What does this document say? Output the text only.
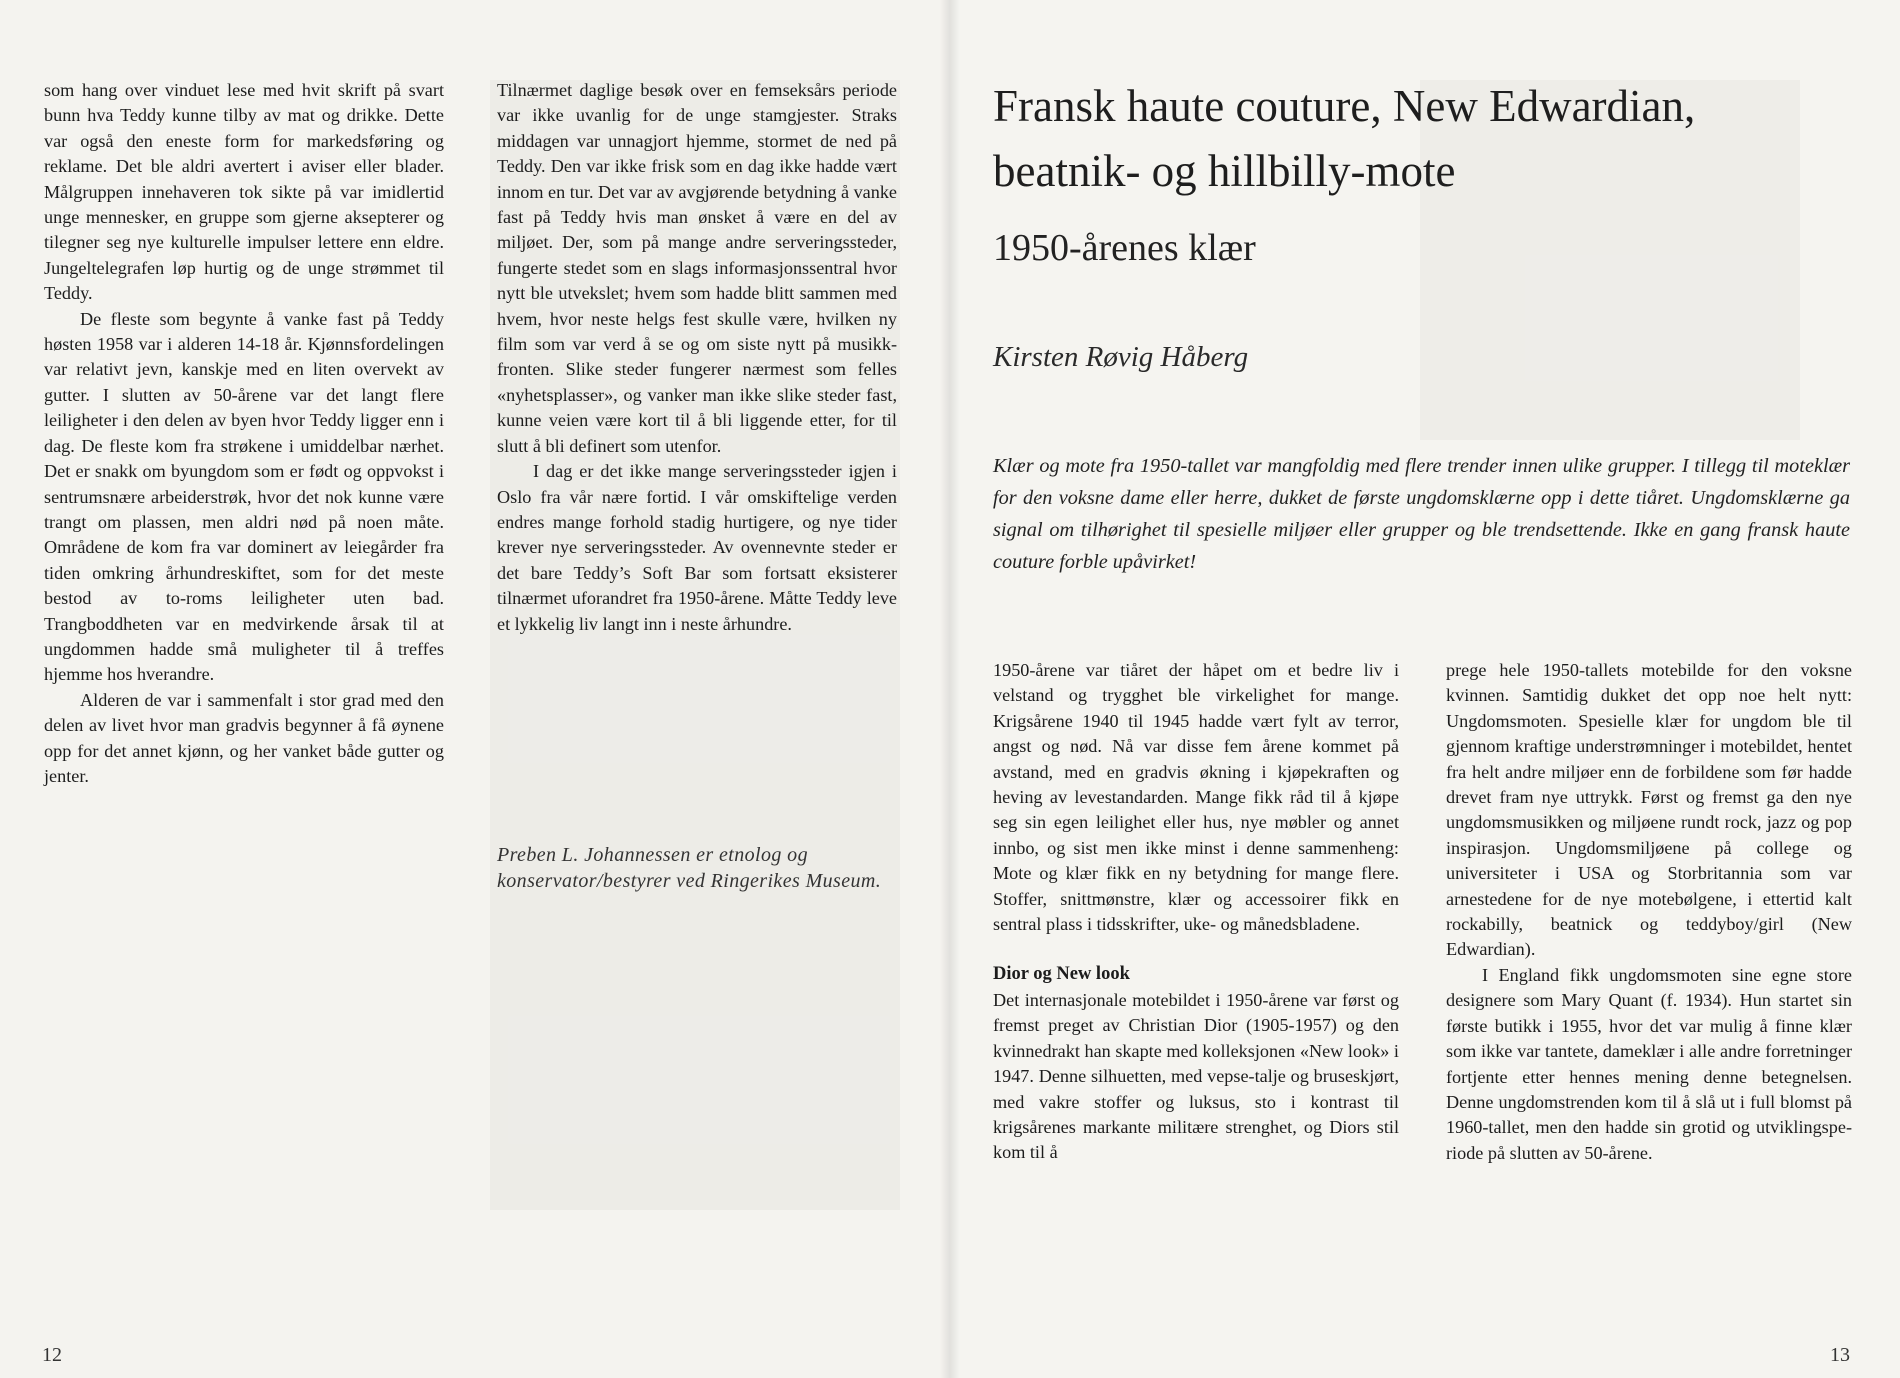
som hang over vinduet lese med hvit skrift på svart bunn hva Teddy kunne tilby av mat og drikke. Dette var også den eneste form for markedsføring og reklame. Det ble aldri avertert i aviser eller blader. Målgruppen innehaveren tok sikte på var imidlertid unge mennesker, en gruppe som gjerne aksepterer og tilegner seg nye kulturelle impulser lettere enn eldre. Jungeltelegrafen løp hurtig og de unge strømmet til Teddy.

De fleste som begynte å vanke fast på Teddy høsten 1958 var i alderen 14-18 år. Kjønnsfordelingen var relativt jevn, kanskje med en liten overvekt av gutter. I slutten av 50-årene var det langt flere leiligheter i den delen av byen hvor Teddy ligger enn i dag. De fleste kom fra strøkene i umiddelbar nærhet. Det er snakk om byungdom som er født og oppvokst i sentrumsnære arbeiderstrøk, hvor det nok kunne være trangt om plassen, men aldri nød på noen måte. Områdene de kom fra var dominert av leiegårder fra tiden omkring århundreskiftet, som for det meste bestod av to-roms leiligheter uten bad. Trangboddheten var en medvirkende årsak til at ungdommen hadde små muligheter til å treffes hjemme hos hverandre.

Alderen de var i sammenfalt i stor grad med den delen av livet hvor man gradvis begynner å få øynene opp for det annet kjønn, og her vanket både gutter og jenter.

Tilnærmet daglige besøk over en femseksårs periode var ikke uvanlig for de unge stamgjester. Straks middagen var unnagjort hjemme, stormet de ned på Teddy. Den var ikke frisk som en dag ikke hadde vært innom en tur. Det var av avgjørende betydning å vanke fast på Teddy hvis man ønsket å være en del av miljøet. Der, som på mange andre serveringssteder, fungerte stedet som en slags informasjonssentral hvor nytt ble utvekslet; hvem som hadde blitt sammen med hvem, hvor neste helgs fest skulle være, hvilken ny film som var verd å se og om siste nytt på musikkfronten. Slike steder fungerer nærmest som felles «nyhetsplasser», og vanker man ikke slike steder fast, kunne veien være kort til å bli liggende etter, for til slutt å bli definert som utenfor.

I dag er det ikke mange serveringssteder igjen i Oslo fra vår nære fortid. I vår omskiftelige verden endres mange forhold stadig hurtigere, og nye tider krever nye serveringssteder. Av ovennevnte steder er det bare Teddy’s Soft Bar som fortsatt eksisterer tilnærmet uforandret fra 1950-årene. Måtte Teddy leve et lykkelig liv langt inn i neste århundre.

Preben L. Johannessen er etnolog og konservator/bestyrer ved Ringerikes Museum.
12	13
Fransk haute couture, New Edwardian,
beatnik- og hillbilly-mote
1950-årenes klær
Kirsten Røvig Håberg
Klær og mote fra 1950-tallet var mangfoldig med flere trender innen ulike grupper. I tillegg til moteklær for den voksne dame eller herre, dukket de første ungdomsklærne opp i dette tiåret. Ungdomsklærne ga signal om tilhørighet til spesielle miljøer eller grupper og ble trendsettende. Ikke en gang fransk haute couture forble upåvirket!

1950-årene var tiåret der håpet om et bedre liv i velstand og trygghet ble virkelighet for mange. Krigsårene 1940 til 1945 hadde vært fylt av terror, angst og nød. Nå var disse fem årene kommet på avstand, med en gradvis økning i kjøpekraften og heving av levestandarden. Mange fikk råd til å kjøpe seg sin egen leilighet eller hus, nye møbler og annet innbo, og sist men ikke minst i denne sammenheng: Mote og klær fikk en ny betydning for mange flere. Stoffer, snittmønstre, klær og accessoirer fikk en sentral plass i tidsskrifter, uke- og månedsbladene.

Dior og New look

Det internasjonale motebildet i 1950-årene var først og fremst preget av Christian Dior (1905-1957) og den kvinnedrakt han skapte med kolleksjonen «New look» i 1947. Denne silhuetten, med vepse-talje og bruseskjørt, med vakre stoffer og luksus, sto i kontrast til krigsårenes markante militære strenghet, og Diors stil kom til å

prege hele 1950-tallets motebilde for den voksne kvinnen. Samtidig dukket det opp noe helt nytt: Ungdomsmoten. Spesielle klær for ungdom ble til gjennom kraftige understrømninger i motebildet, hentet fra helt andre miljøer enn de forbildene som før hadde drevet fram nye uttrykk. Først og fremst ga den nye ungdomsmusikken og miljøene rundt rock, jazz og pop inspirasjon. Ungdomsmiljøene på college og universiteter i USA og Storbritannia som var arnestedene for de nye motebølgene, i ettertid kalt rockabilly, beatnick og teddyboy/girl (New Edwardian).

I England fikk ungdomsmoten sine egne store designere som Mary Quant (f. 1934). Hun startet sin første butikk i 1955, hvor det var mulig å finne klær som ikke var tantete, dameklær i alle andre forretninger fortjente etter hennes mening denne betegnelsen. Denne ungdomstrenden kom til å slå ut i full blomst på 1960-tallet, men den hadde sin grotid og utviklingsperiode på slutten av 50-årene.
